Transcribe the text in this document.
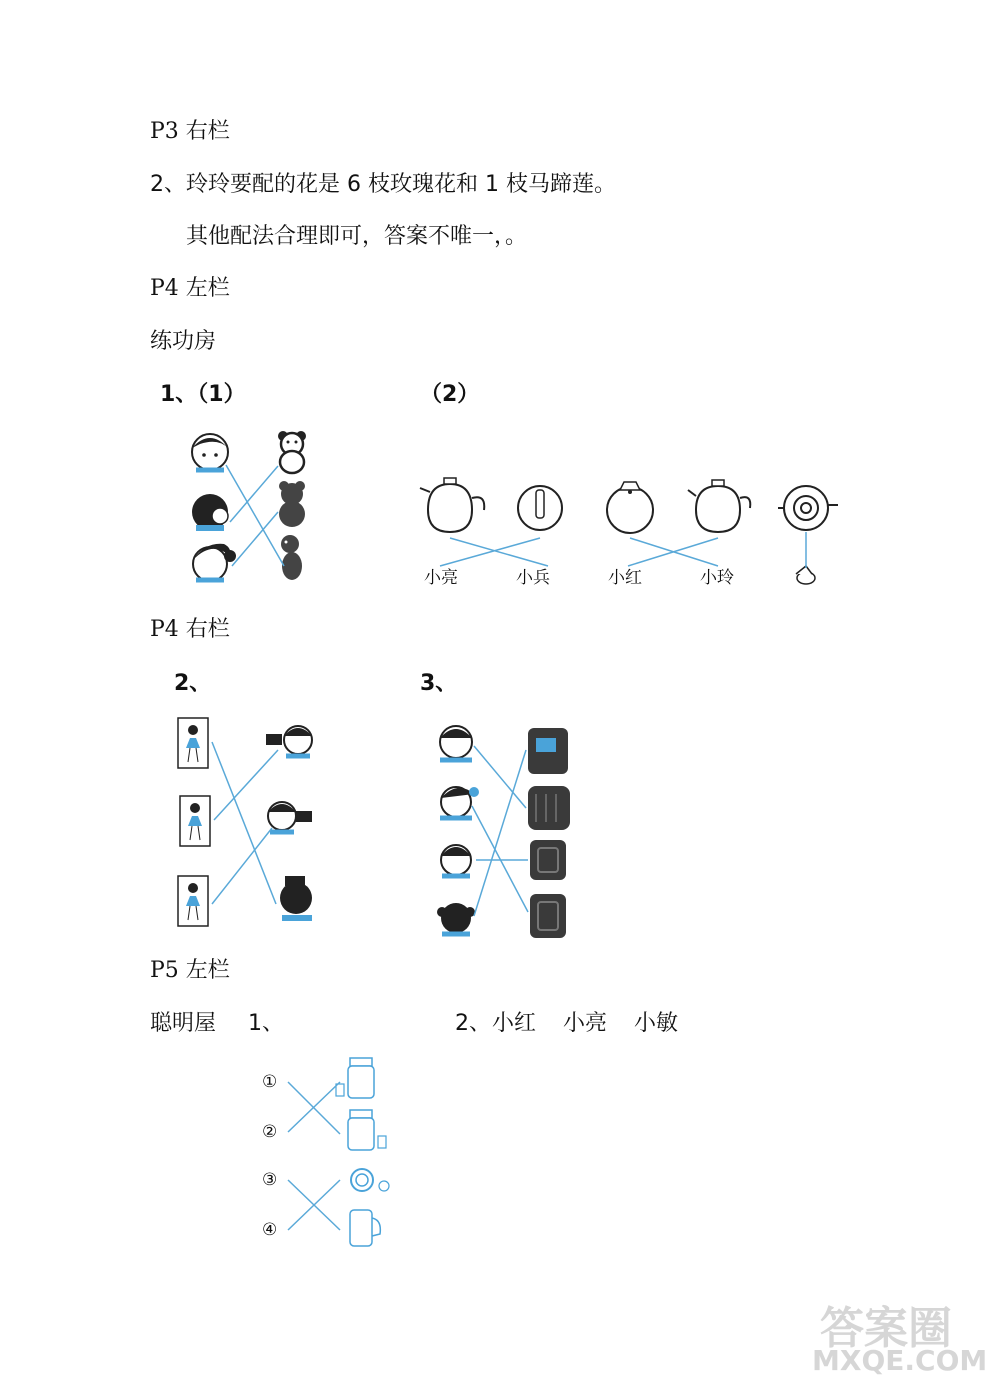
P3 右栏
2、玲玲要配的花是 6 枝玫瑰花和 1 枝马蹄莲。
其他配法合理即可，答案不唯一，。
P4 左栏
练功房
1、（1）	（2）
小亮	小兵	小红	小玲
P4 右栏
2、	3、
P5 左栏
聪明屋 1、	2、 小红 小亮 小敏
①
②
③
④
答案圈
MXQE.COM
